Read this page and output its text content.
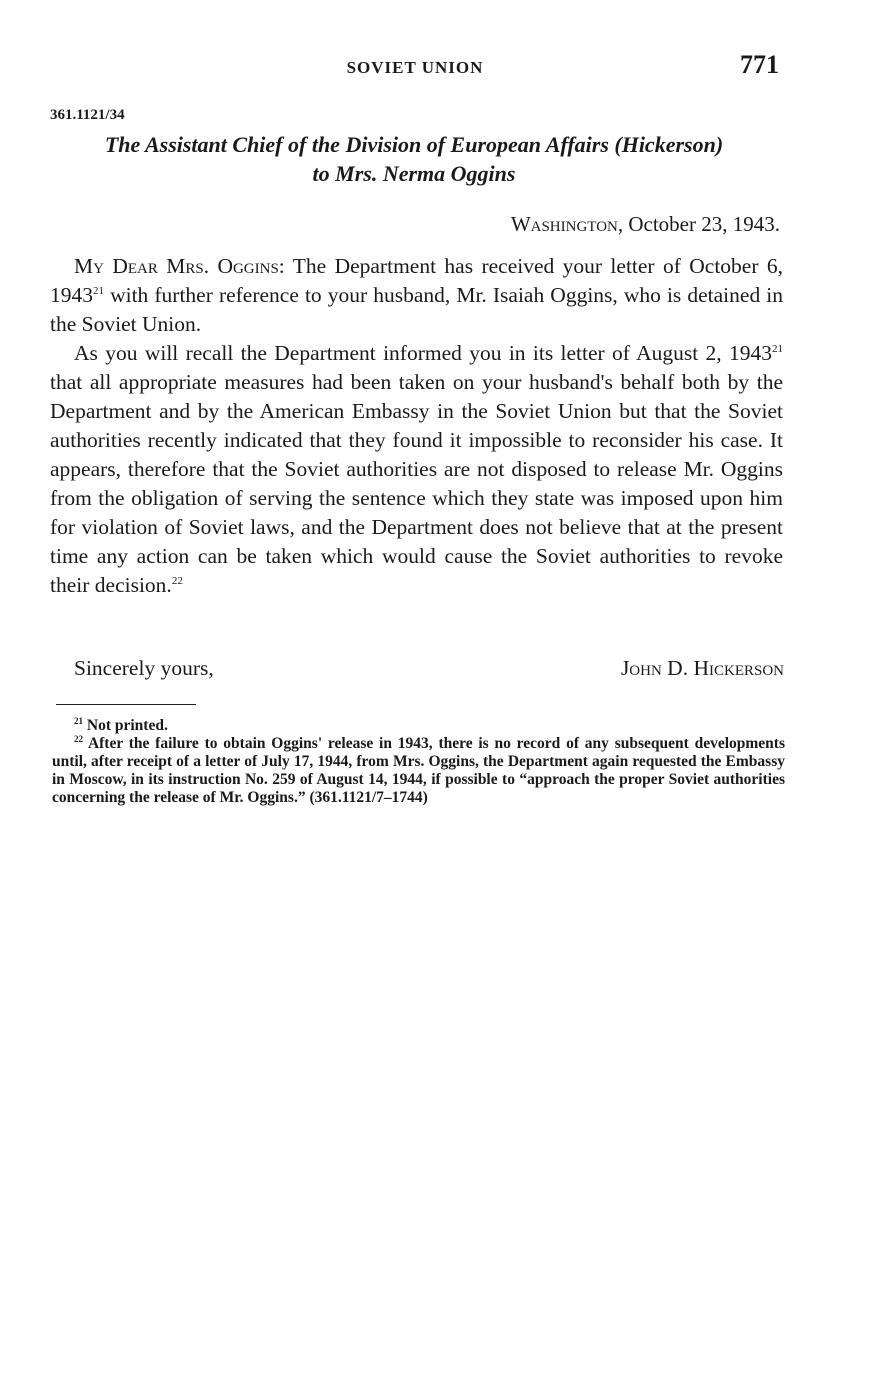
SOVIET UNION	771
361.1121/34
The Assistant Chief of the Division of European Affairs (Hickerson)
to Mrs. Nerma Oggins
Washington, October 23, 1943.

My Dear Mrs. Oggins: The Department has received your letter of October 6, 1943$^{21}$ with further reference to your husband, Mr. Isaiah Oggins, who is detained in the Soviet Union.

As you will recall the Department informed you in its letter of August 2, 1943$^{21}$ that all appropriate measures had been taken on your husband's behalf both by the Department and by the American Embassy in the Soviet Union but that the Soviet authorities recently indicated that they found it impossible to reconsider his case. It appears, therefore that the Soviet authorities are not disposed to release Mr. Oggins from the obligation of serving the sentence which they state was imposed upon him for violation of Soviet laws, and the Department does not believe that at the present time any action can be taken which would cause the Soviet authorities to revoke their decision.$^{22}$

Sincerely yours,	John D. Hickerson

$^{21}$ Not printed.

$^{22}$ After the failure to obtain Oggins' release in 1943, there is no record of any subsequent developments until, after receipt of a letter of July 17, 1944, from Mrs. Oggins, the Department again requested the Embassy in Moscow, in its instruction No. 259 of August 14, 1944, if possible to “approach the proper Soviet authorities concerning the release of Mr. Oggins.” (361.1121/7–1744)
